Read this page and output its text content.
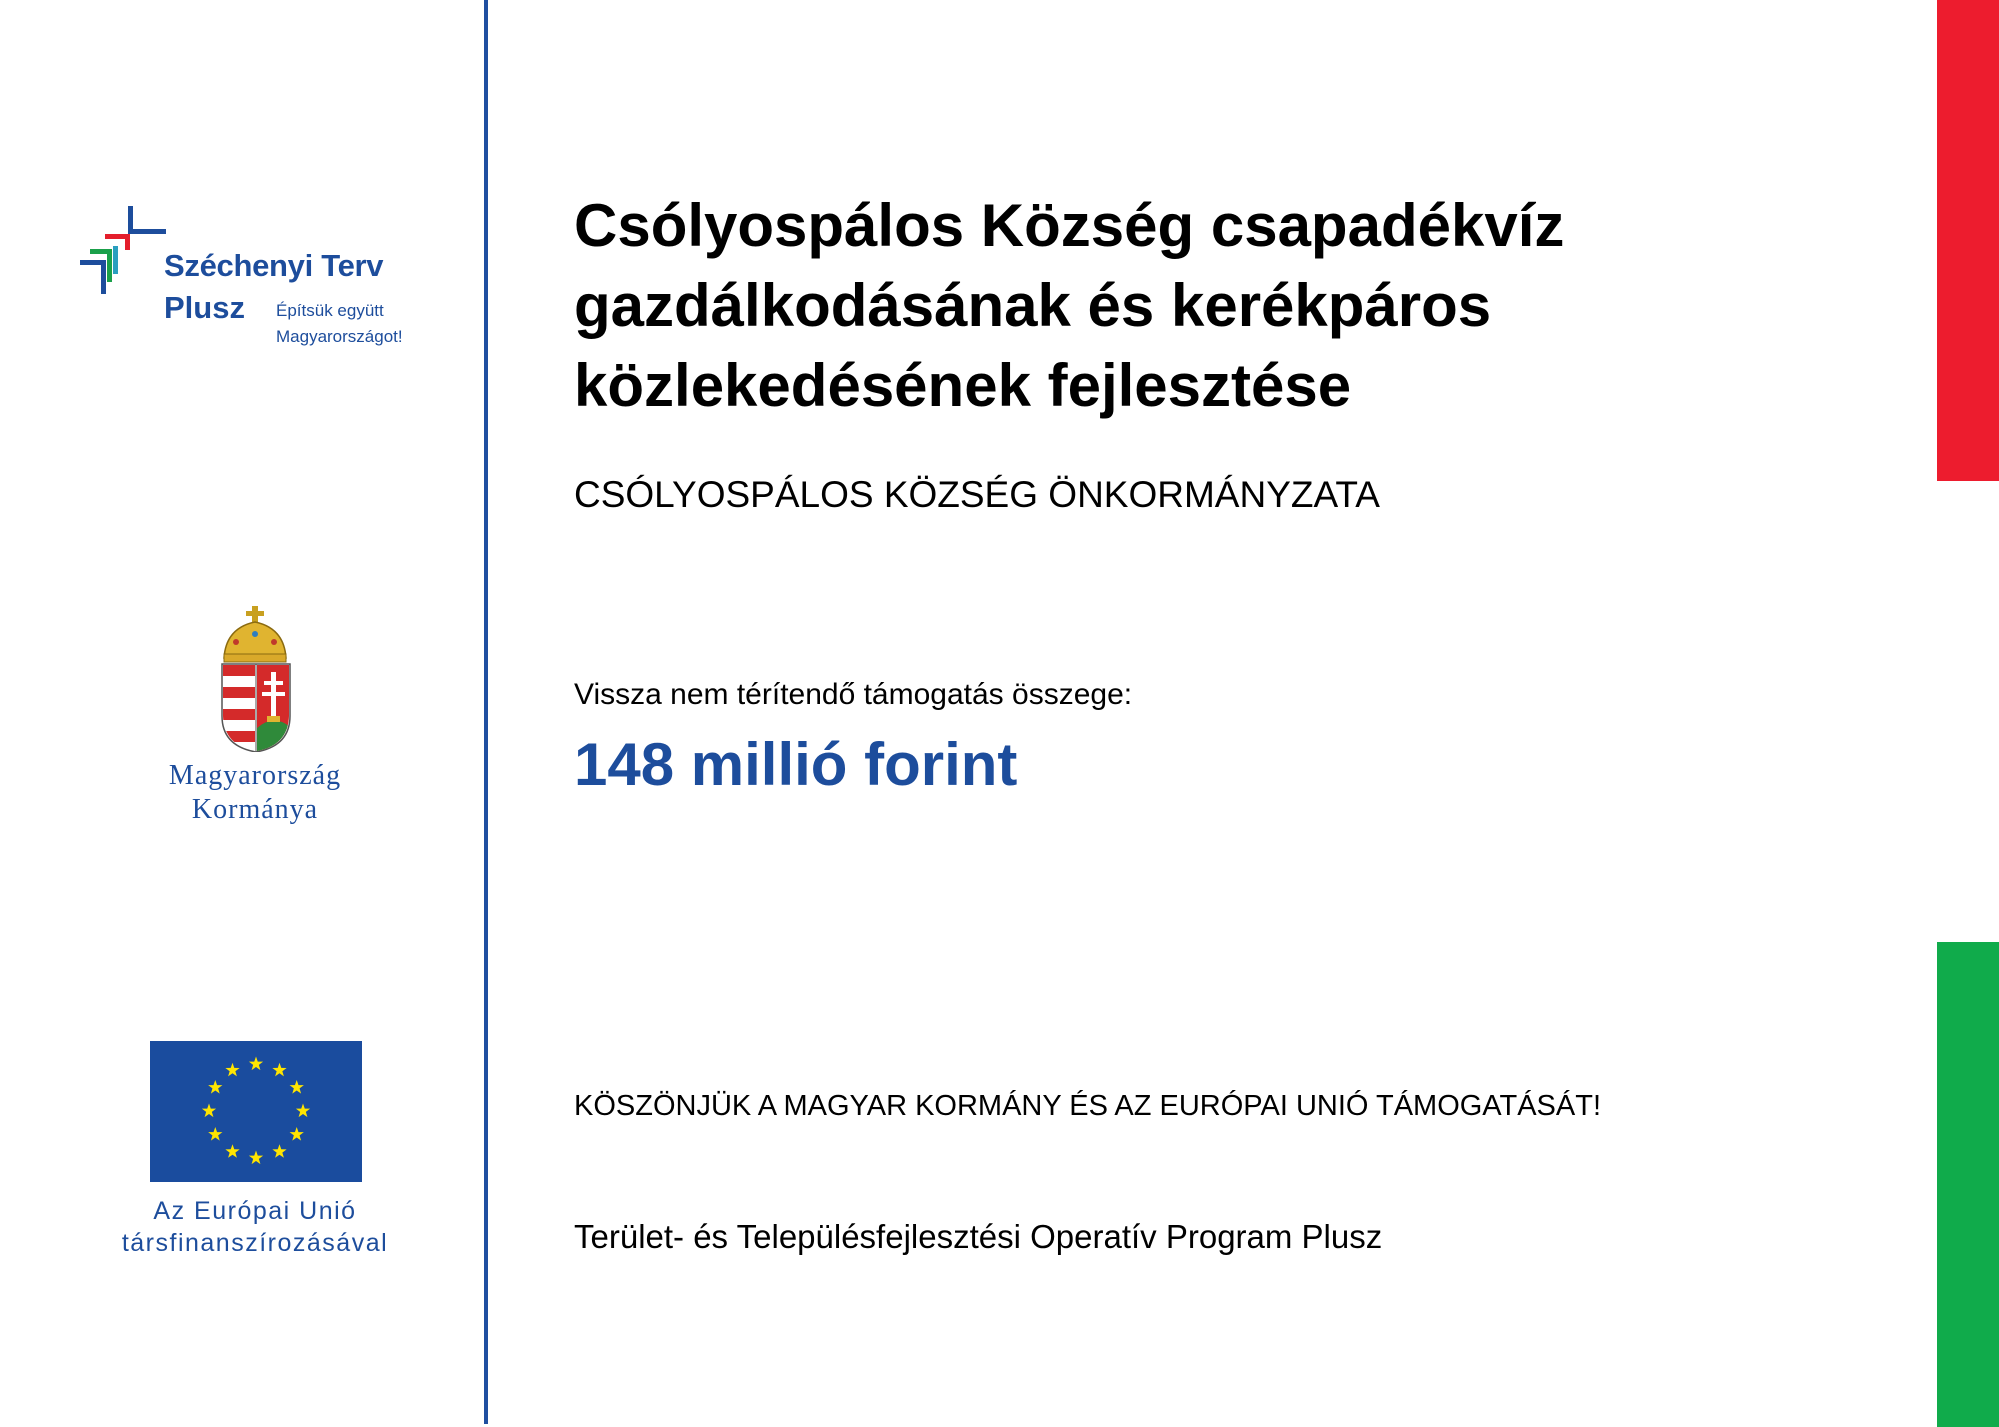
Széchenyi Terv
Plusz Építsük együtt
Magyarországot!
Magyarország
Kormánya
Az Európai Unió
társfinanszírozásával
Csólyospálos Község csapadékvíz gazdálkodásának és kerékpáros közlekedésének fejlesztése
CSÓLYOSPÁLOS KÖZSÉG ÖNKORMÁNYZATA
Vissza nem térítendő támogatás összege:
148 millió forint
KÖSZÖNJÜK A MAGYAR KORMÁNY ÉS AZ EURÓPAI UNIÓ TÁMOGATÁSÁT!
Terület- és Településfejlesztési Operatív Program Plusz
